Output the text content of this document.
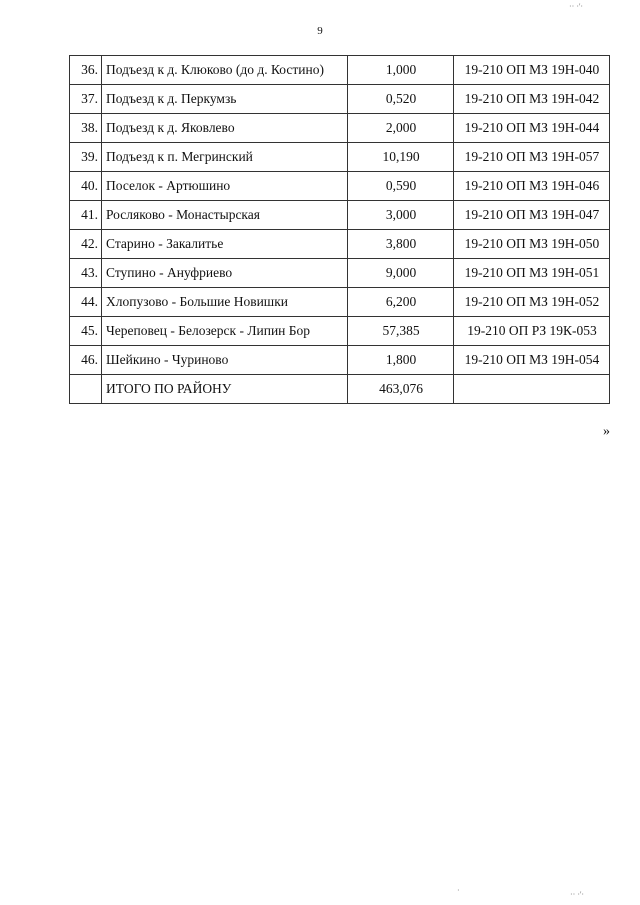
9
36.	Подъезд к д. Клюково (до д. Костино)	1,000	19-210 ОП МЗ 19Н-040
37.	Подъезд к д. Перкумзь	0,520	19-210 ОП МЗ 19Н-042
38.	Подъезд к д. Яковлево	2,000	19-210 ОП МЗ 19Н-044
39.	Подъезд к п. Мегринский	10,190	19-210 ОП МЗ 19Н-057
40.	Поселок - Артюшино	0,590	19-210 ОП МЗ 19Н-046
41.	Росляково - Монастырская	3,000	19-210 ОП МЗ 19Н-047
42.	Старино - Закалитье	3,800	19-210 ОП МЗ 19Н-050
43.	Ступино - Ануфриево	9,000	19-210 ОП МЗ 19Н-051
44.	Хлопузово - Большие Новишки	6,200	19-210 ОП МЗ 19Н-052
45.	Череповец - Белозерск - Липин Бор	57,385	19-210 ОП РЗ 19К-053
46.	Шейкино - Чуриново	1,800	19-210 ОП МЗ 19Н-054
	ИТОГО ПО РАЙОНУ	463,076	
»
·· ·'·
·	·· ·'·
